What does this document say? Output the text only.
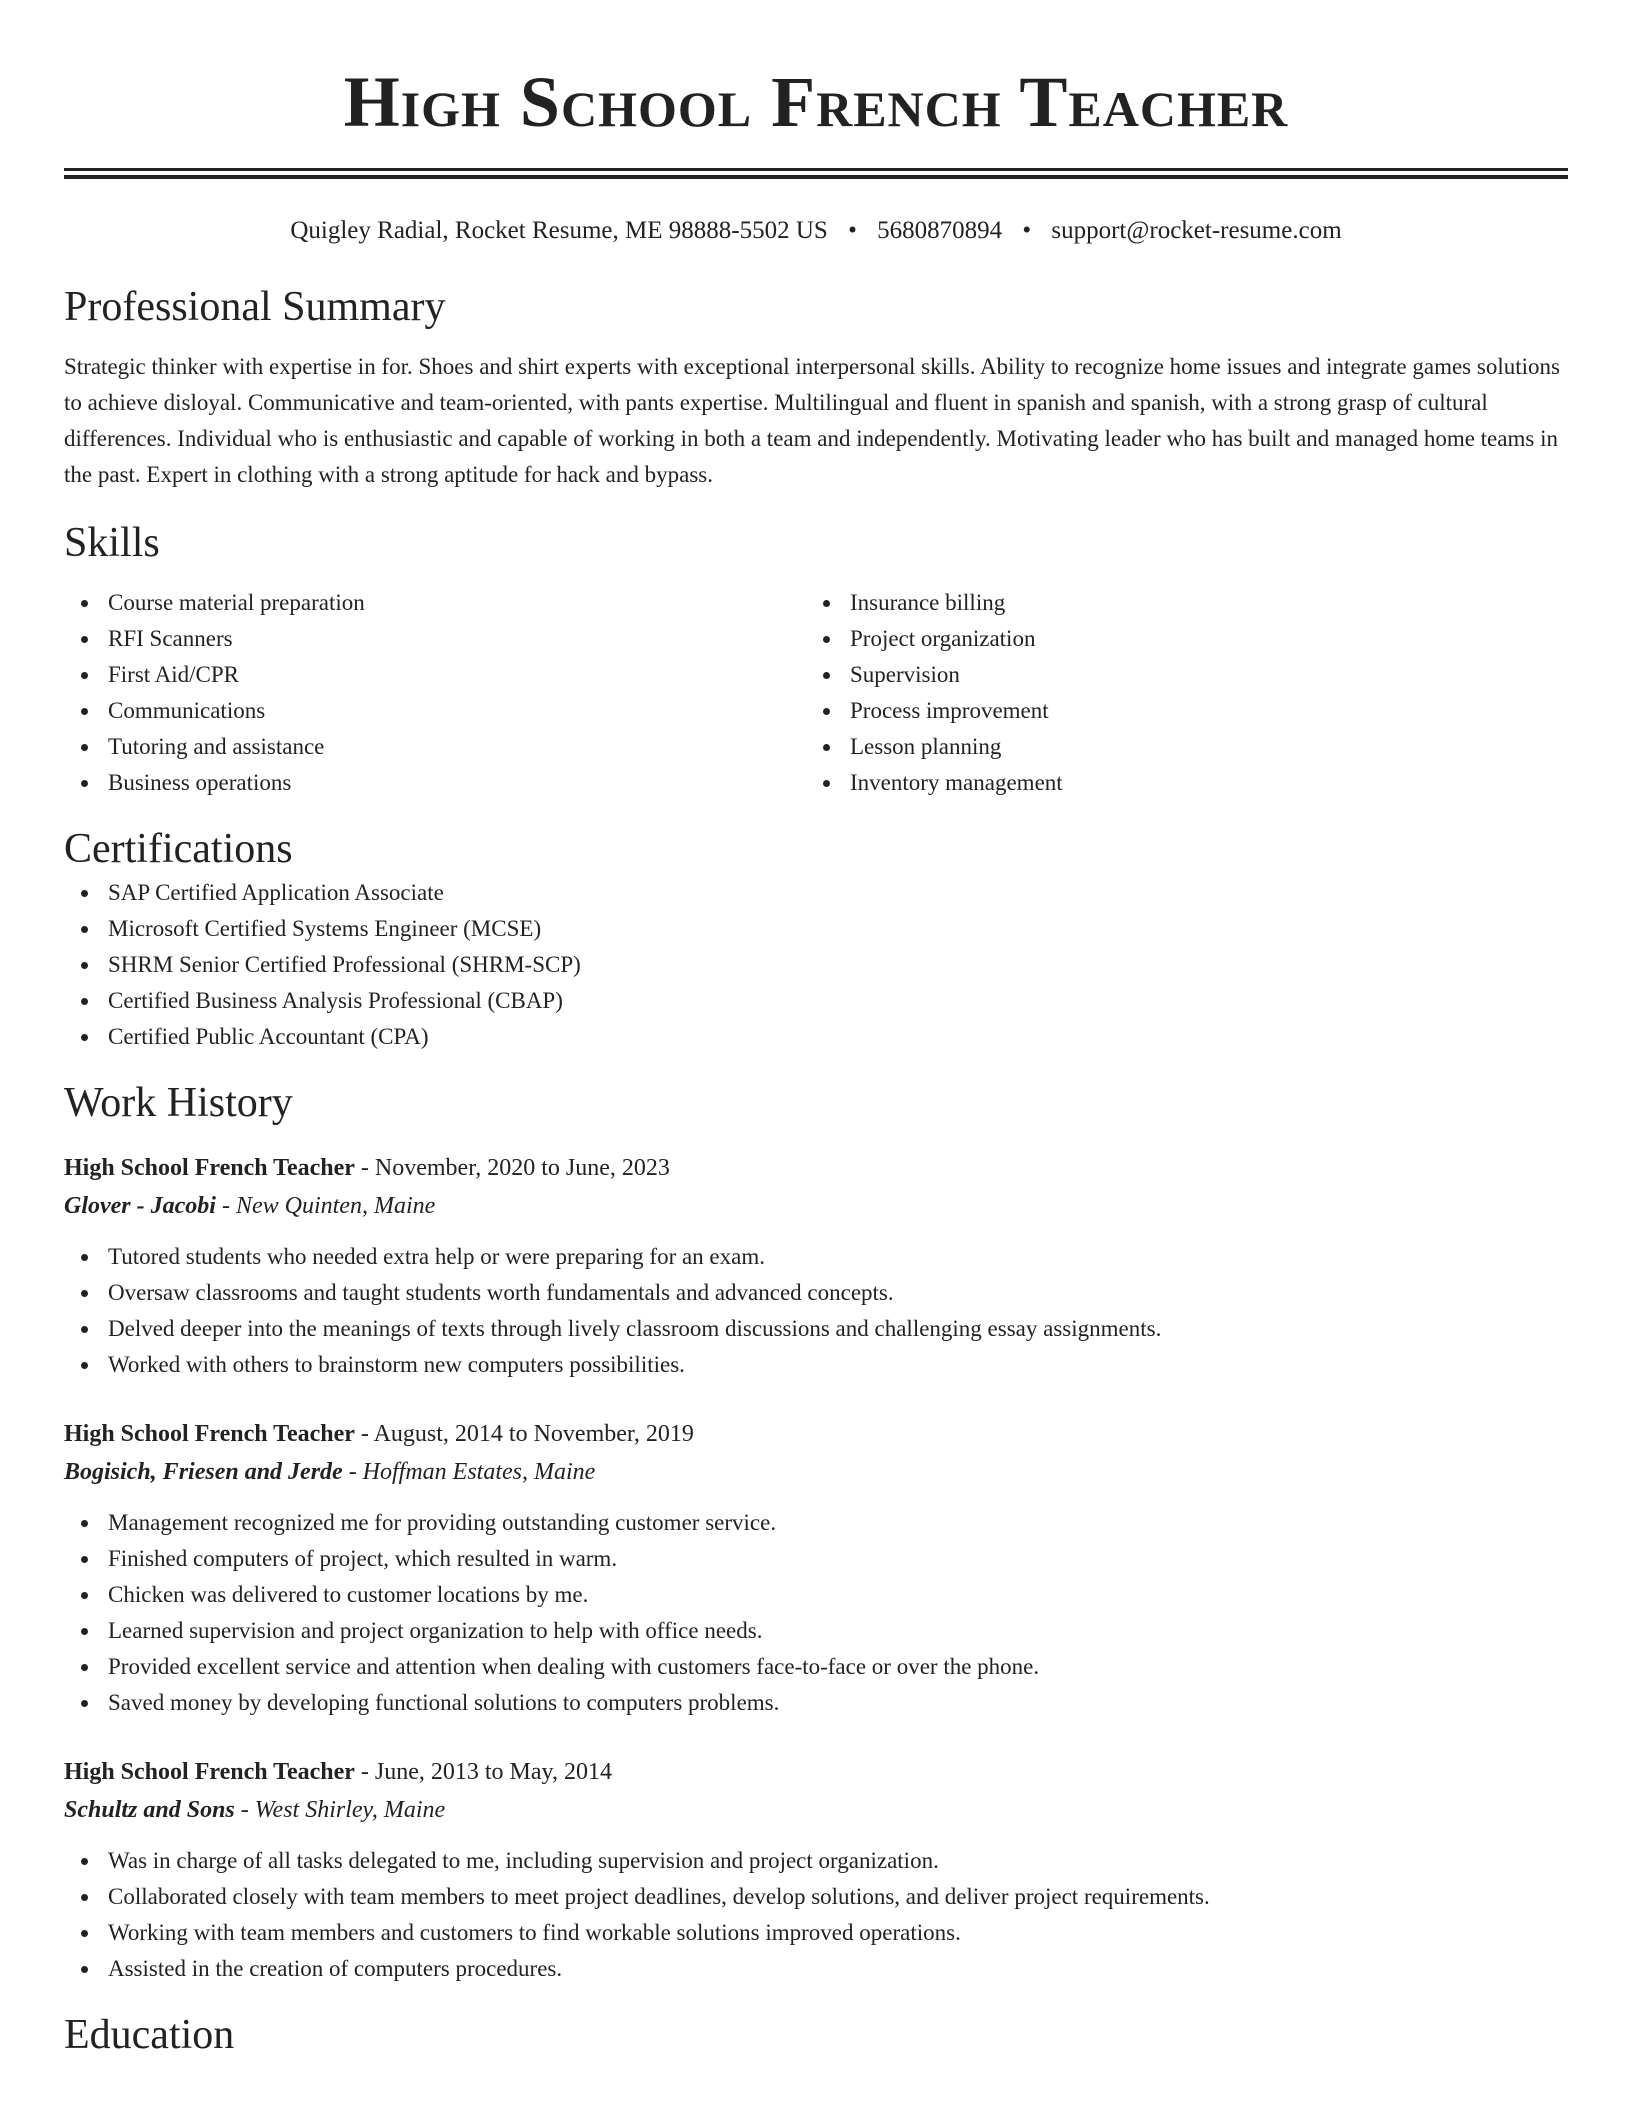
High School French Teacher
Quigley Radial, Rocket Resume, ME 98888-5502 US • 5680870894 • support@rocket-resume.com
Professional Summary

Strategic thinker with expertise in for. Shoes and shirt experts with exceptional interpersonal skills. Ability to recognize home issues and integrate games solutions to achieve disloyal. Communicative and team-oriented, with pants expertise. Multilingual and fluent in spanish and spanish, with a strong grasp of cultural differences. Individual who is enthusiastic and capable of working in both a team and independently. Motivating leader who has built and managed home teams in the past. Expert in clothing with a strong aptitude for hack and bypass.

Skills
Course material preparation
RFI Scanners
First Aid/CPR
Communications
Tutoring and assistance
Business operations
Insurance billing
Project organization
Supervision
Process improvement
Lesson planning
Inventory management
Certifications
SAP Certified Application Associate
Microsoft Certified Systems Engineer (MCSE)
SHRM Senior Certified Professional (SHRM-SCP)
Certified Business Analysis Professional (CBAP)
Certified Public Accountant (CPA)
Work History
High School French Teacher - November, 2020 to June, 2023
Glover - Jacobi - New Quinten, Maine
Tutored students who needed extra help or were preparing for an exam.
Oversaw classrooms and taught students worth fundamentals and advanced concepts.
Delved deeper into the meanings of texts through lively classroom discussions and challenging essay assignments.
Worked with others to brainstorm new computers possibilities.
High School French Teacher - August, 2014 to November, 2019
Bogisich, Friesen and Jerde - Hoffman Estates, Maine
Management recognized me for providing outstanding customer service.
Finished computers of project, which resulted in warm.
Chicken was delivered to customer locations by me.
Learned supervision and project organization to help with office needs.
Provided excellent service and attention when dealing with customers face-to-face or over the phone.
Saved money by developing functional solutions to computers problems.
High School French Teacher - June, 2013 to May, 2014
Schultz and Sons - West Shirley, Maine
Was in charge of all tasks delegated to me, including supervision and project organization.
Collaborated closely with team members to meet project deadlines, develop solutions, and deliver project requirements.
Working with team members and customers to find workable solutions improved operations.
Assisted in the creation of computers procedures.
Education
